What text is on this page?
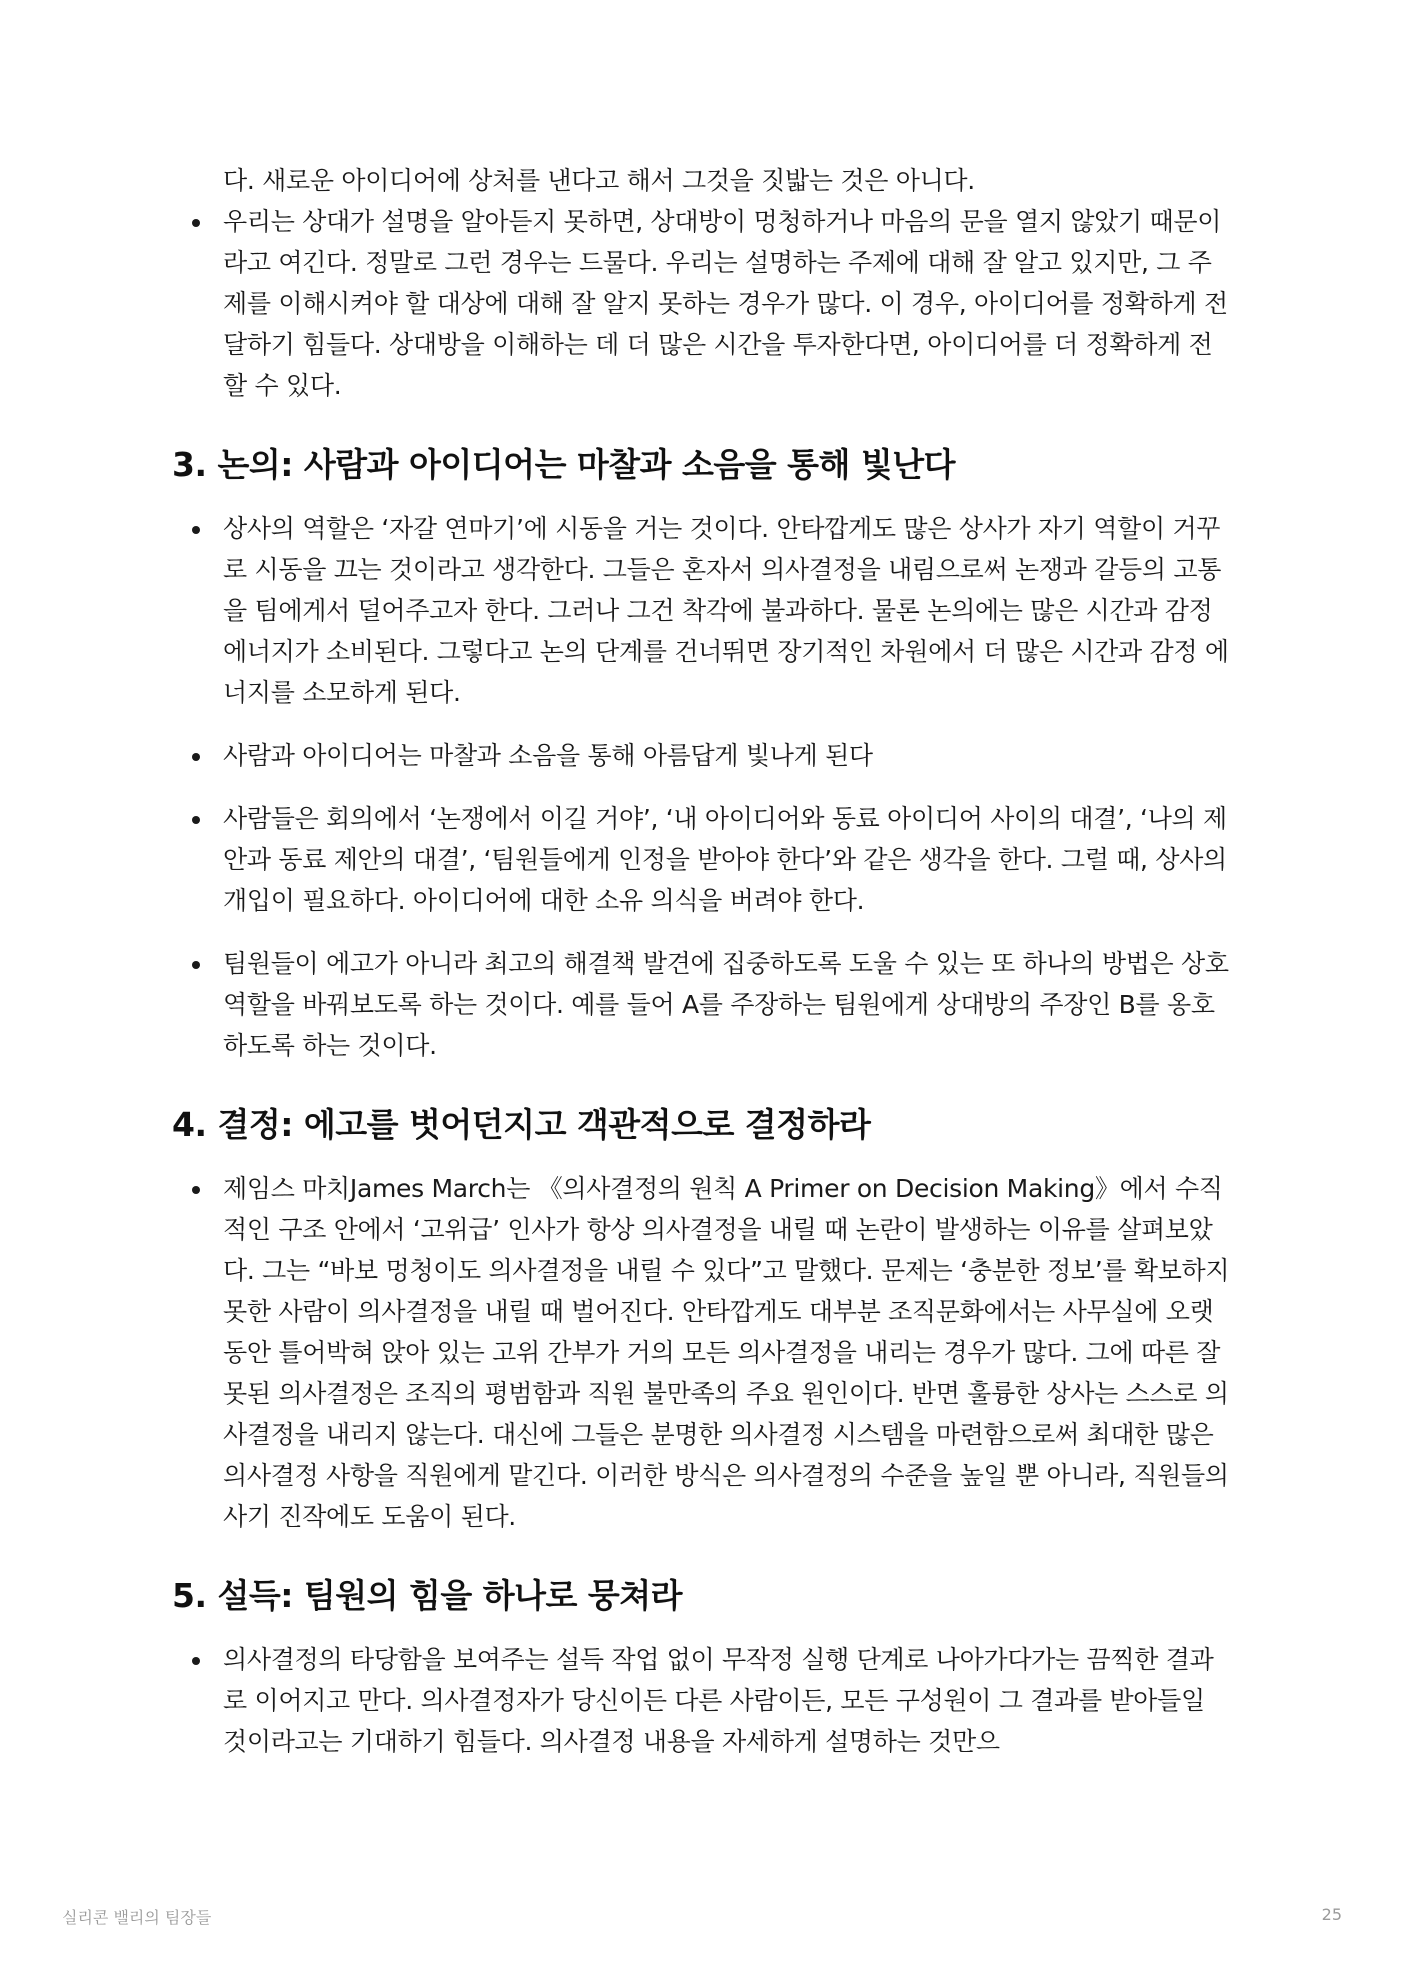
다. 새로운 아이디어에 상처를 낸다고 해서 그것을 짓밟는 것은 아니다.

우리는 상대가 설명을 알아듣지 못하면, 상대방이 멍청하거나 마음의 문을 열지 않았기 때문이라고 여긴다. 정말로 그런 경우는 드물다. 우리는 설명하는 주제에 대해 잘 알고 있지만, 그 주제를 이해시켜야 할 대상에 대해 잘 알지 못하는 경우가 많다. 이 경우, 아이디어를 정확하게 전달하기 힘들다. 상대방을 이해하는 데 더 많은 시간을 투자한다면, 아이디어를 더 정확하게 전할 수 있다.
3. 논의: 사람과 아이디어는 마찰과 소음을 통해 빛난다
상사의 역할은 ‘자갈 연마기’에 시동을 거는 것이다. 안타깝게도 많은 상사가 자기 역할이 거꾸로 시동을 끄는 것이라고 생각한다. 그들은 혼자서 의사결정을 내림으로써 논쟁과 갈등의 고통을 팀에게서 덜어주고자 한다. 그러나 그건 착각에 불과하다. 물론 논의에는 많은 시간과 감정 에너지가 소비된다. 그렇다고 논의 단계를 건너뛰면 장기적인 차원에서 더 많은 시간과 감정 에너지를 소모하게 된다.
사람과 아이디어는 마찰과 소음을 통해 아름답게 빛나게 된다
사람들은 회의에서 ‘논쟁에서 이길 거야’, ‘내 아이디어와 동료 아이디어 사이의 대결’, ‘나의 제안과 동료 제안의 대결’, ‘팀원들에게 인정을 받아야 한다’와 같은 생각을 한다. 그럴 때, 상사의 개입이 필요하다. 아이디어에 대한 소유 의식을 버려야 한다.
팀원들이 에고가 아니라 최고의 해결책 발견에 집중하도록 도울 수 있는 또 하나의 방법은 상호 역할을 바꿔보도록 하는 것이다. 예를 들어 A를 주장하는 팀원에게 상대방의 주장인 B를 옹호하도록 하는 것이다.
4. 결정: 에고를 벗어던지고 객관적으로 결정하라
제임스 마치James March는 《의사결정의 원칙 A Primer on Decision Making》에서 수직적인 구조 안에서 ‘고위급’ 인사가 항상 의사결정을 내릴 때 논란이 발생하는 이유를 살펴보았다. 그는 “바보 멍청이도 의사결정을 내릴 수 있다”고 말했다. 문제는 ‘충분한 정보’를 확보하지 못한 사람이 의사결정을 내릴 때 벌어진다. 안타깝게도 대부분 조직문화에서는 사무실에 오랫동안 틀어박혀 앉아 있는 고위 간부가 거의 모든 의사결정을 내리는 경우가 많다. 그에 따른 잘못된 의사결정은 조직의 평범함과 직원 불만족의 주요 원인이다. 반면 훌륭한 상사는 스스로 의사결정을 내리지 않는다. 대신에 그들은 분명한 의사결정 시스템을 마련함으로써 최대한 많은 의사결정 사항을 직원에게 맡긴다. 이러한 방식은 의사결정의 수준을 높일 뿐 아니라, 직원들의 사기 진작에도 도움이 된다.
5. 설득: 팀원의 힘을 하나로 뭉쳐라
의사결정의 타당함을 보여주는 설득 작업 없이 무작정 실행 단계로 나아가다가는 끔찍한 결과로 이어지고 만다. 의사결정자가 당신이든 다른 사람이든, 모든 구성원이 그 결과를 받아들일 것이라고는 기대하기 힘들다. 의사결정 내용을 자세하게 설명하는 것만으
실리콘 밸리의 팀장들	25
